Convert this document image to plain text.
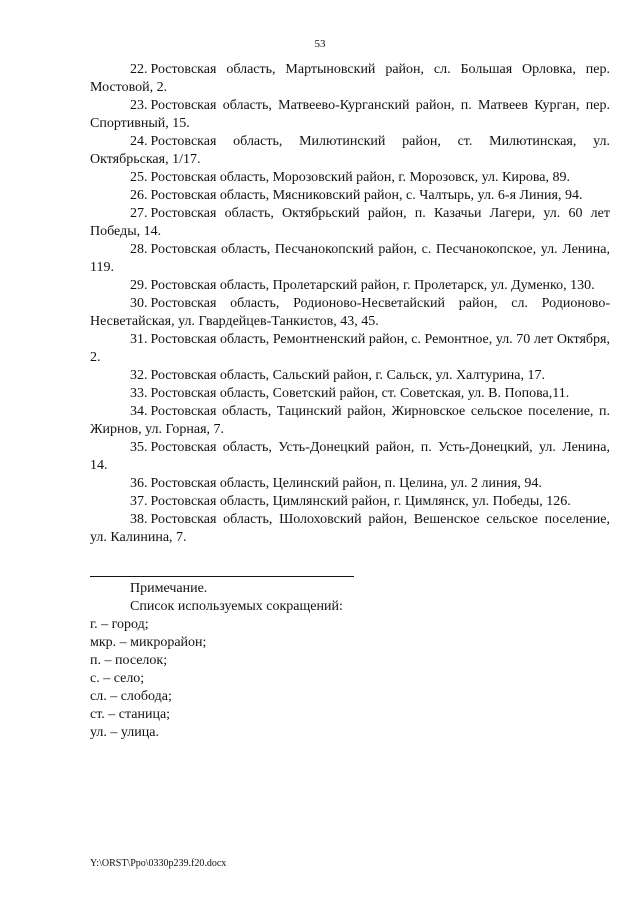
53
22. Ростовская область, Мартыновский район, сл. Большая Орловка, пер. Мостовой, 2.
23. Ростовская область, Матвеево-Курганский район, п. Матвеев Курган, пер. Спортивный, 15.
24. Ростовская область, Милютинский район, ст. Милютинская, ул. Октябрьская, 1/17.
25. Ростовская область, Морозовский район, г. Морозовск, ул. Кирова, 89.
26. Ростовская область, Мясниковский район, с. Чалтырь, ул. 6-я Линия, 94.
27. Ростовская область, Октябрьский район, п. Казачьи Лагери, ул. 60 лет Победы, 14.
28. Ростовская область, Песчанокопский район, с. Песчанокопское, ул. Ленина, 119.
29. Ростовская область, Пролетарский район, г. Пролетарск, ул. Думенко, 130.
30. Ростовская область, Родионово-Несветайский район, сл. Родионово-Несветайская, ул. Гвардейцев-Танкистов, 43, 45.
31. Ростовская область, Ремонтненский район, с. Ремонтное, ул. 70 лет Октября, 2.
32. Ростовская область, Сальский район, г. Сальск, ул. Халтурина, 17.
33. Ростовская область, Советский район, ст. Советская, ул. В. Попова,11.
34. Ростовская область, Тацинский район, Жирновское сельское поселение, п. Жирнов, ул. Горная, 7.
35. Ростовская область, Усть-Донецкий район, п. Усть-Донецкий, ул. Ленина, 14.
36. Ростовская область, Целинский район, п. Целина, ул. 2 линия, 94.
37. Ростовская область, Цимлянский район, г. Цимлянск, ул. Победы, 126.
38. Ростовская область, Шолоховский район, Вешенское сельское поселение, ул. Калинина, 7.
Примечание.
Список используемых сокращений:
г. – город;
мкр. – микрорайон;
п. – поселок;
с. – село;
сл. – слобода;
ст. – станица;
ул. – улица.
Y:\ORST\Ppo\0330p239.f20.docx
